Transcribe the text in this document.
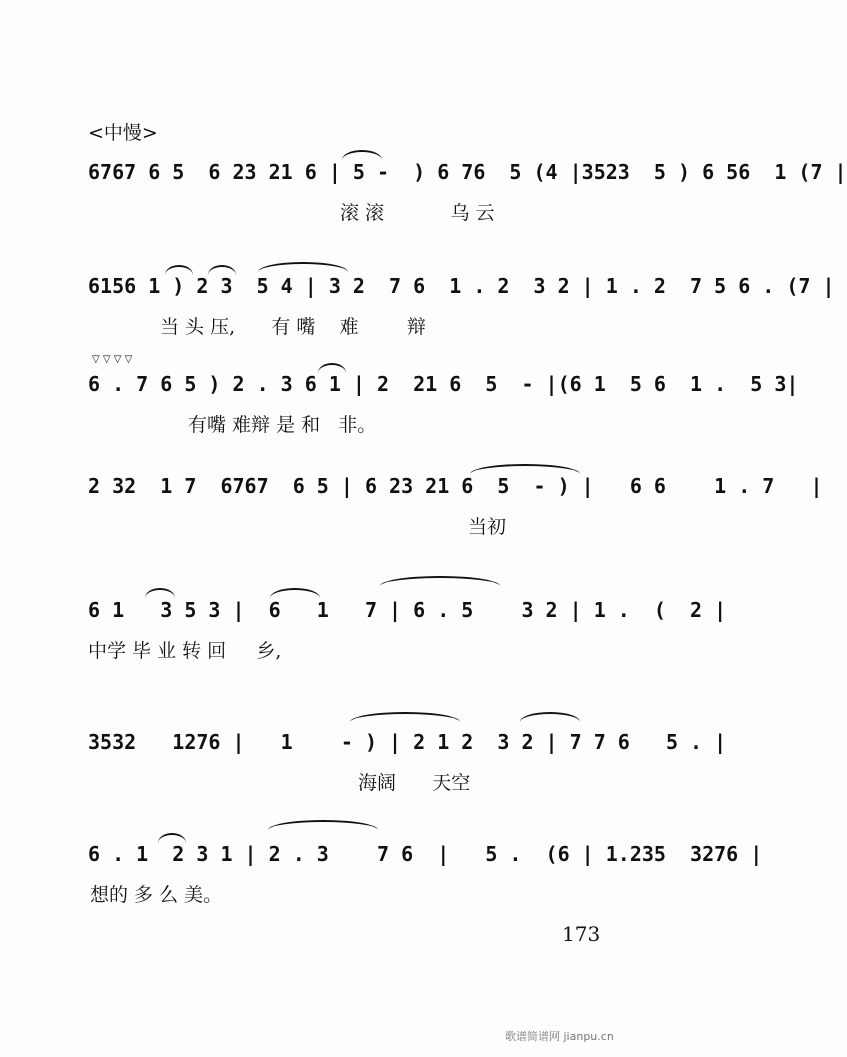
<中慢>
6767 6 5  6 23 21 6 | 5 -  ) 6 76  5 (4 |3523  5 ) 6 56  1 (7 |
滚 滚           乌 云
6156 1 ) 2 3  5 4 | 3 2  7 6  1 . 2  3 2 | 1 . 2  7 5 6 . (7 |
当 头 压,      有 嘴    难        辩
▽ ▽ ▽ ▽
6 . 7 6 5 ) 2 . 3 6 1 | 2  21 6  5  - |(6 1  5 6  1 .  5 3|
有嘴 难辩 是 和   非。
2 32  1 7  6767  6 5 | 6 23 21 6  5  - ) |   6 6    1 . 7   |
当初
6 1   3 5 3 |  6   1   7 | 6 . 5    3 2 | 1 .  (  2 |
中学 毕 业 转 回     乡,
3532   1276 |   1    - ) | 2 1 2  3 2 | 7 7 6   5 . |
海阔      天空
6 . 1  2 3 1 | 2 . 3    7 6  |   5 .  (6 | 1.235  3276 |
想的 多 么 美。
173
歌谱简谱网 jianpu.cn
